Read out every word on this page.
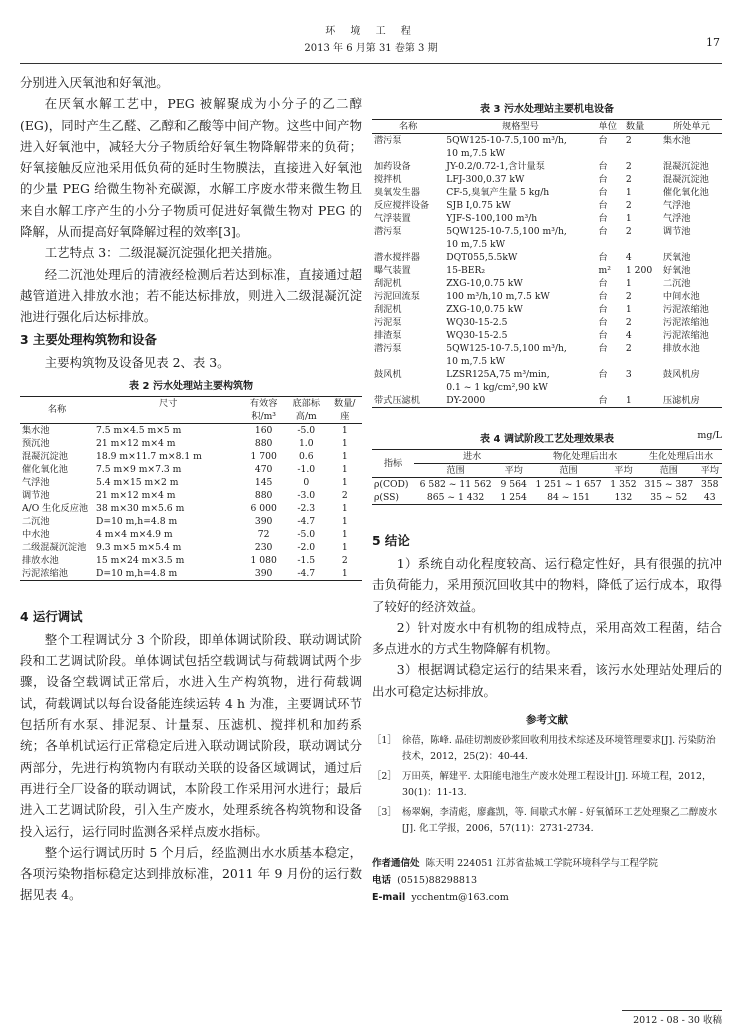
环 境 工 程
2013 年 6 月第 31 卷第 3 期	17

分别进入厌氧池和好氧池。

在厌氧水解工艺中，PEG 被解聚成为小分子的乙二醇(EG)，同时产生乙醛、乙醇和乙酸等中间产物。这些中间产物进入好氧池中，减轻大分子物质给好氧生物降解带来的负荷；好氧接触反应池采用低负荷的延时生物膜法，直接进入好氧池的少量 PEG 给微生物补充碳源，水解工序废水带来微生物且来自水解工序产生的小分子物质可促进好氧微生物对 PEG 的降解，从而提高好氧降解过程的效率[3]。

工艺特点 3：二级混凝沉淀强化把关措施。

经二沉池处理后的清液经检测后若达到标准，直接通过超越管道进入排放水池；若不能达标排放，则进入二级混凝沉淀池进行强化后达标排放。

3 主要处理构筑物和设备

主要构筑物及设备见表 2、表 3。

表 2 污水处理站主要构筑物
名称	尺寸	有效容
积/m³	底部标
高/m	数量/
座
集水池	7.5 m×4.5 m×5 m	160	-5.0	1
预沉池	21 m×12 m×4 m	880	1.0	1
混凝沉淀池	18.9 m×11.7 m×8.1 m	1 700	0.6	1
催化氧化池	7.5 m×9 m×7.3 m	470	-1.0	1
气浮池	5.4 m×15 m×2 m	145	0	1
调节池	21 m×12 m×4 m	880	-3.0	2
A/O 生化反应池	38 m×30 m×5.6 m	6 000	-2.3	1
二沉池	D=10 m,h=4.8 m	390	-4.7	1
中水池	4 m×4 m×4.9 m	72	-5.0	1
二级混凝沉淀池	9.3 m×5 m×5.4 m	230	-2.0	1
排放水池	15 m×24 m×3.5 m	1 080	-1.5	2
污泥浓缩池	D=10 m,h=4.8 m	390	-4.7	1
4 运行调试

整个工程调试分 3 个阶段，即单体调试阶段、联动调试阶段和工艺调试阶段。单体调试包括空载调试与荷载调试两个步骤，设备空载调试正常后，水进入生产构筑物，进行荷载调试，荷载调试以每台设备能连续运转 4 h 为准，主要调试环节包括所有水泵、排泥泵、计量泵、压滤机、搅拌机和加药系统；各单机试运行正常稳定后进入联动调试阶段，联动调试分两部分，先进行构筑物内有联动关联的设备区域调试，通过后再进行全厂设备的联动调试，本阶段工作采用河水进行；最后进入工艺调试阶段，引入生产废水，处理系统各构筑物和设备投入运行，运行同时监测各采样点废水指标。

整个运行调试历时 5 个月后，经监测出水水质基本稳定，各项污染物指标稳定达到排放标准，2011 年 9 月份的运行数据见表 4。

表 3 污水处理站主要机电设备
名称	规格型号	单位	数量	所处单元
潜污泵	5QW125-10-7.5,100 m³/h,	台	2	集水池
	10 m,7.5 kW			
加药设备	JY-0.2/0.72-1,含计量泵	台	2	混凝沉淀池
搅拌机	LFJ-300,0.37 kW	台	2	混凝沉淀池
臭氧发生器	CF-5,臭氧产生量 5 kg/h	台	1	催化氧化池
反应搅拌设备	SJB Ⅰ,0.75 kW	台	2	气浮池
气浮装置	YJF-S-100,100 m³/h	台	1	气浮池
潜污泵	5QW125-10-7.5,100 m³/h,	台	2	调节池
	10 m,7.5 kW			
潜水搅拌器	DQT055,5.5kW	台	4	厌氧池
曝气装置	15-BER₂	m²	1 200	好氧池
刮泥机	ZXG-10,0.75 kW	台	1	二沉池
污泥回流泵	100 m³/h,10 m,7.5 kW	台	2	中间水池
刮泥机	ZXG-10,0.75 kW	台	1	污泥浓缩池
污泥泵	WQ30-15-2.5	台	2	污泥浓缩池
排渣泵	WQ30-15-2.5	台	4	污泥浓缩池
潜污泵	5QW125-10-7.5,100 m³/h,	台	2	排放水池
	10 m,7.5 kW			
鼓风机	LZSR125A,75 m³/min,	台	3	鼓风机房
	0.1 ~ 1 kg/cm²,90 kW			
带式压滤机	DY-2000	台	1	压滤机房
表 4 调试阶段工艺处理效果表	mg/L
指标	进水		物化处理后出水		生化处理后出水	
	范围	平均	范围	平均	范围	平均
ρ(COD)	6 582 ~ 11 562	9 564	1 251 ~ 1 657	1 352	315 ~ 387	358
ρ(SS)	865 ~ 1 432	1 254	84 ~ 151	132	35 ~ 52	43
5 结论

1）系统自动化程度较高、运行稳定性好，具有很强的抗冲击负荷能力，采用预沉回收其中的物料，降低了运行成本，取得了较好的经济效益。

2）针对废水中有机物的组成特点，采用高效工程菌，结合多点进水的方式生物降解有机物。

3）根据调试稳定运行的结果来看，该污水处理站处理后的出水可稳定达标排放。

参考文献
［1］ 徐蓓，陈峰. 晶硅切割废砂浆回收利用技术综述及环境管理要求[J]. 污染防治技术，2012，25(2)：40-44.
［2］ 万田英，解建平. 太阳能电池生产废水处理工程设计[J]. 环境工程，2012，30(1)：11-13.
［3］ 杨翠娴，李清彪，廖鑫凯，等. 间歇式水解 - 好氧循环工艺处理聚乙二醇废水[J]. 化工学报，2006，57(11)：2731-2734.
作者通信处 陈天明 224051 江苏省盐城工学院环境科学与工程学院
电话 (0515)88298813
E-mail ycchentm@163.com
2012 - 08 - 30 收稿
